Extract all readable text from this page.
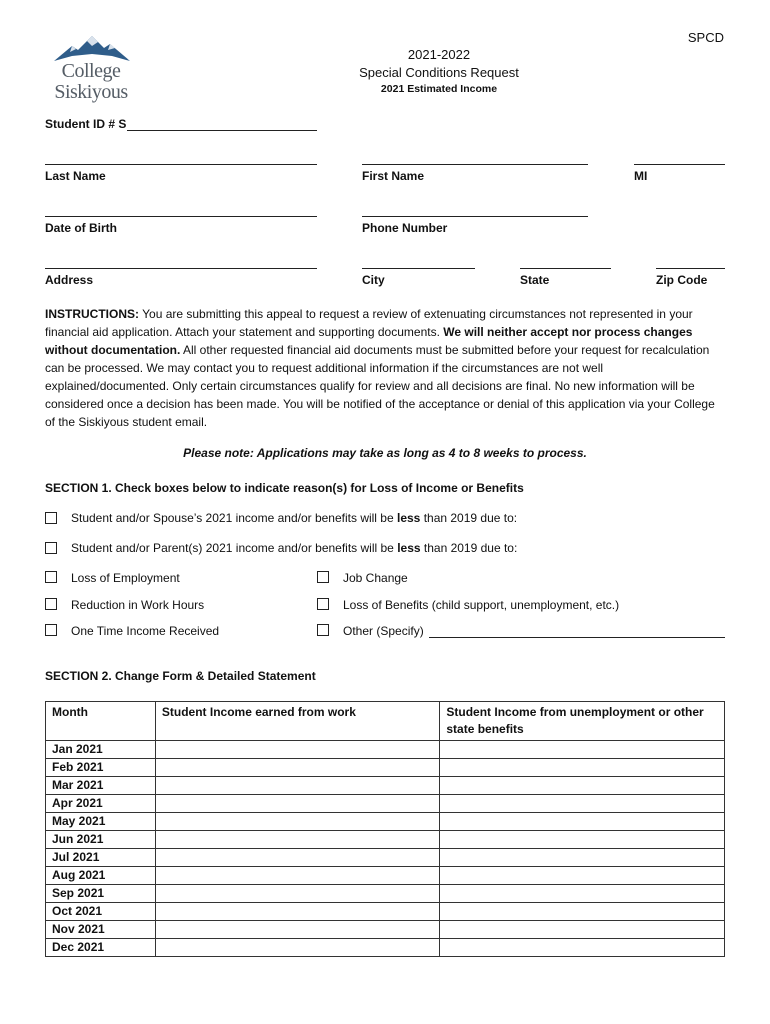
SPCD
College
Siskiyous
2021-2022
Special Conditions Request
2021 Estimated Income
Student ID # S
Last Name	First Name	MI
Date of Birth	Phone Number
Address	City	State	Zip Code
INSTRUCTIONS: You are submitting this appeal to request a review of extenuating circumstances not represented in your financial aid application. Attach your statement and supporting documents. We will neither accept nor process changes without documentation. All other requested financial aid documents must be submitted before your request for recalculation can be processed. We may contact you to request additional information if the circumstances are not well explained/documented. Only certain circumstances qualify for review and all decisions are final. No new information will be considered once a decision has been made. You will be notified of the acceptance or denial of this application via your College of the Siskiyous student email.
Please note: Applications may take as long as 4 to 8 weeks to process.
SECTION 1. Check boxes below to indicate reason(s) for Loss of Income or Benefits
Student and/or Spouse’s 2021 income and/or benefits will be less than 2019 due to:
Student and/or Parent(s) 2021 income and/or benefits will be less than 2019 due to:
Loss of Employment	Job Change
Reduction in Work Hours	Loss of Benefits (child support, unemployment, etc.)
One Time Income Received	Other (Specify)
SECTION 2. Change Form & Detailed Statement
Month	Student Income earned from work	Student Income from unemployment or other state benefits
Jan 2021		
Feb 2021		
Mar 2021		
Apr 2021		
May 2021		
Jun 2021		
Jul 2021		
Aug 2021		
Sep 2021		
Oct 2021		
Nov 2021		
Dec 2021		
